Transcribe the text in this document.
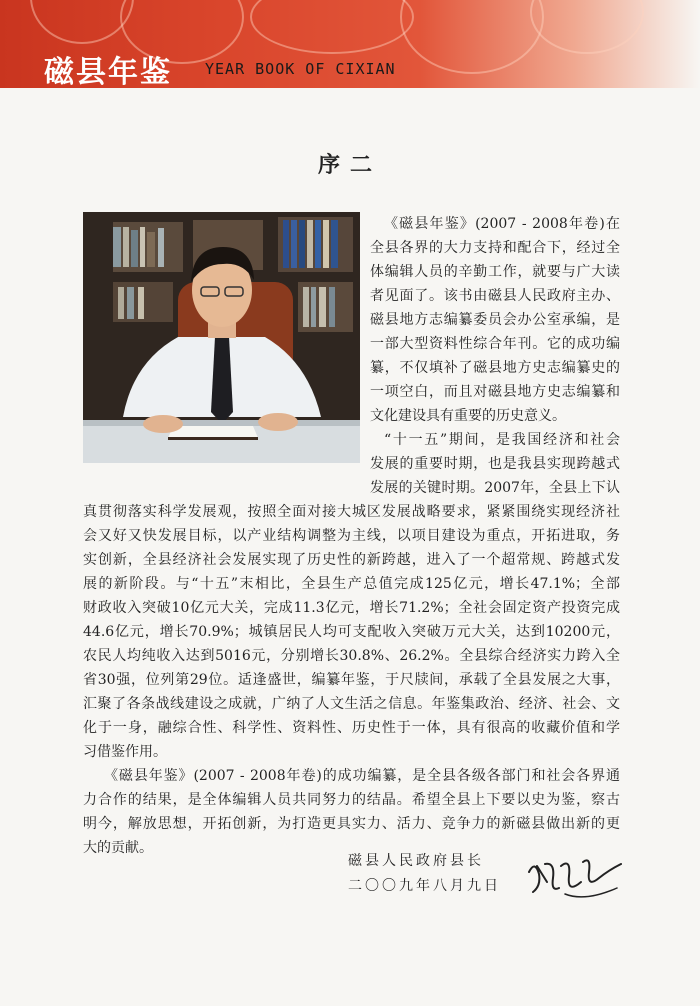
磁县年鉴 YEAR BOOK OF CIXIAN
序二
《磁县年鉴》(2007 - 2008年卷)在
全县各界的大力支持和配合下，经过全
体编辑人员的辛勤工作，就要与广大读
者见面了。该书由磁县人民政府主办、
磁县地方志编纂委员会办公室承编，是
一部大型资料性综合年刊。它的成功编
纂，不仅填补了磁县地方史志编纂史的
一项空白，而且对磁县地方史志编纂和
文化建设具有重要的历史意义。
“十一五”期间，是我国经济和社会
发展的重要时期，也是我县实现跨越式
发展的关键时期。2007年，全县上下认
真贯彻落实科学发展观，按照全面对接大城区发展战略要求，紧紧围绕实现经济社
会又好又快发展目标，以产业结构调整为主线，以项目建设为重点，开拓进取，务
实创新，全县经济社会发展实现了历史性的新跨越，进入了一个超常规、跨越式发
展的新阶段。与“十五”末相比，全县生产总值完成125亿元，增长47.1%；全部
财政收入突破10亿元大关，完成11.3亿元，增长71.2%；全社会固定资产投资完成
44.6亿元，增长70.9%；城镇居民人均可支配收入突破万元大关，达到10200元，
农民人均纯收入达到5016元，分别增长30.8%、26.2%。全县综合经济实力跨入全
省30强，位列第29位。适逢盛世，编纂年鉴，于尺牍间，承载了全县发展之大事，
汇聚了各条战线建设之成就，广纳了人文生活之信息。年鉴集政治、经济、社会、文
化于一身，融综合性、科学性、资料性、历史性于一体，具有很高的收藏价值和学
习借鉴作用。
《磁县年鉴》(2007 - 2008年卷)的成功编纂，是全县各级各部门和社会各界通
力合作的结果，是全体编辑人员共同努力的结晶。希望全县上下要以史为鉴，察古
明今，解放思想，开拓创新，为打造更具实力、活力、竞争力的新磁县做出新的更
大的贡献。
磁县人民政府县长
二〇〇九年八月九日
